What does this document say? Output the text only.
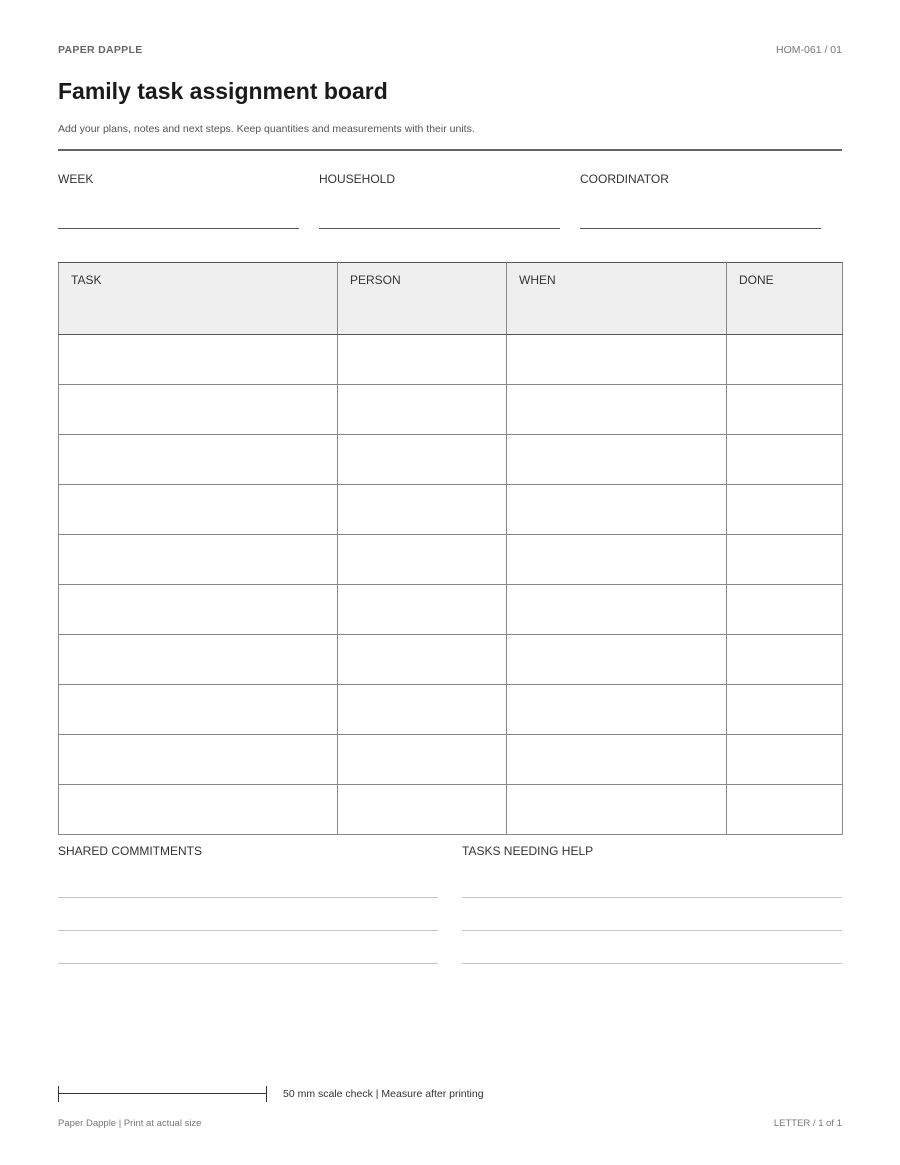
PAPER DAPPLE	HOM-061 / 01
Family task assignment board
Add your plans, notes and next steps. Keep quantities and measurements with their units.
WEEK	HOUSEHOLD	COORDINATOR
TASK	PERSON	WHEN	DONE

SHARED COMMITMENTS	TASKS NEEDING HELP
50 mm scale check | Measure after printing
Paper Dapple | Print at actual size	LETTER / 1 of 1
